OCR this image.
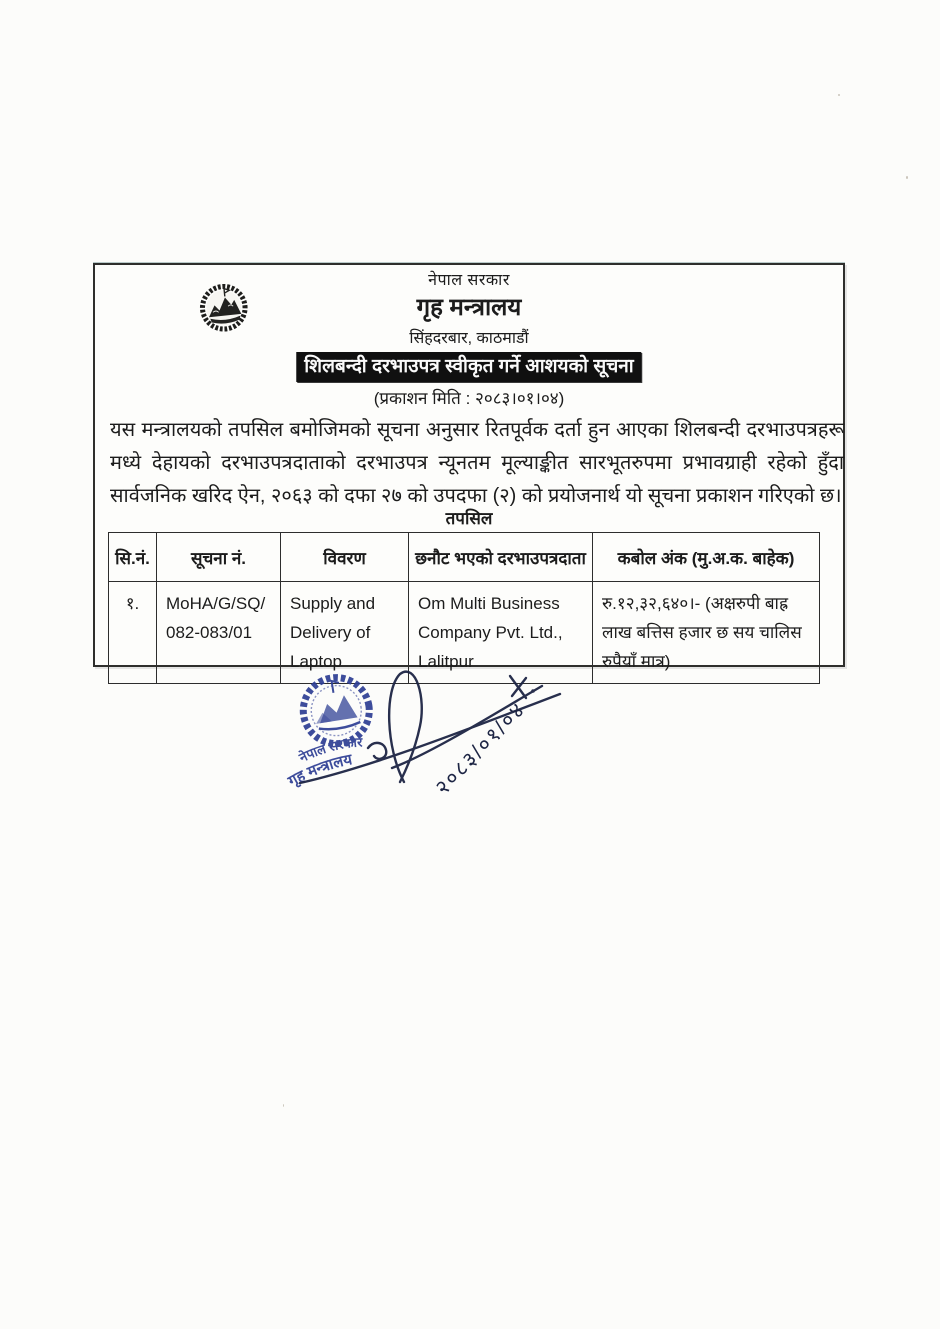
नेपाल सरकार
गृह मन्त्रालय
सिंहदरबार, काठमाडौं
शिलबन्दी दरभाउपत्र स्वीकृत गर्ने आशयको सूचना
(प्रकाशन मिति : २०८३।०१।०४)
यस मन्त्रालयको तपसिल बमोजिमको सूचना अनुसार रितपूर्वक दर्ता हुन आएका शिलबन्दी दरभाउपत्रहरू मध्ये देहायको दरभाउपत्रदाताको दरभाउपत्र न्यूनतम मूल्याङ्कीत सारभूतरुपमा प्रभावग्राही रहेको हुँदा सार्वजनिक खरिद ऐन, २०६३ को दफा २७ को उपदफा (२) को प्रयोजनार्थ यो सूचना प्रकाशन गरिएको छ।
तपसिल
सि.नं.	सूचना नं.	विवरण	छनौट भएको दरभाउपत्रदाता	कबोल अंक (मु.अ.क. बाहेक)
१.	MoHA/G/SQ/082-083/01	Supply and Delivery of Laptop	Om Multi Business Company Pvt. Ltd., Lalitpur	रु.१२,३२,६४०।- (अक्षरुपी बाह्र लाख बत्तिस हजार छ सय चालिस रुपैयाँ मात्र)
नेपाल सरकार
गृह मन्त्रालय	२०८३/०१/०४
